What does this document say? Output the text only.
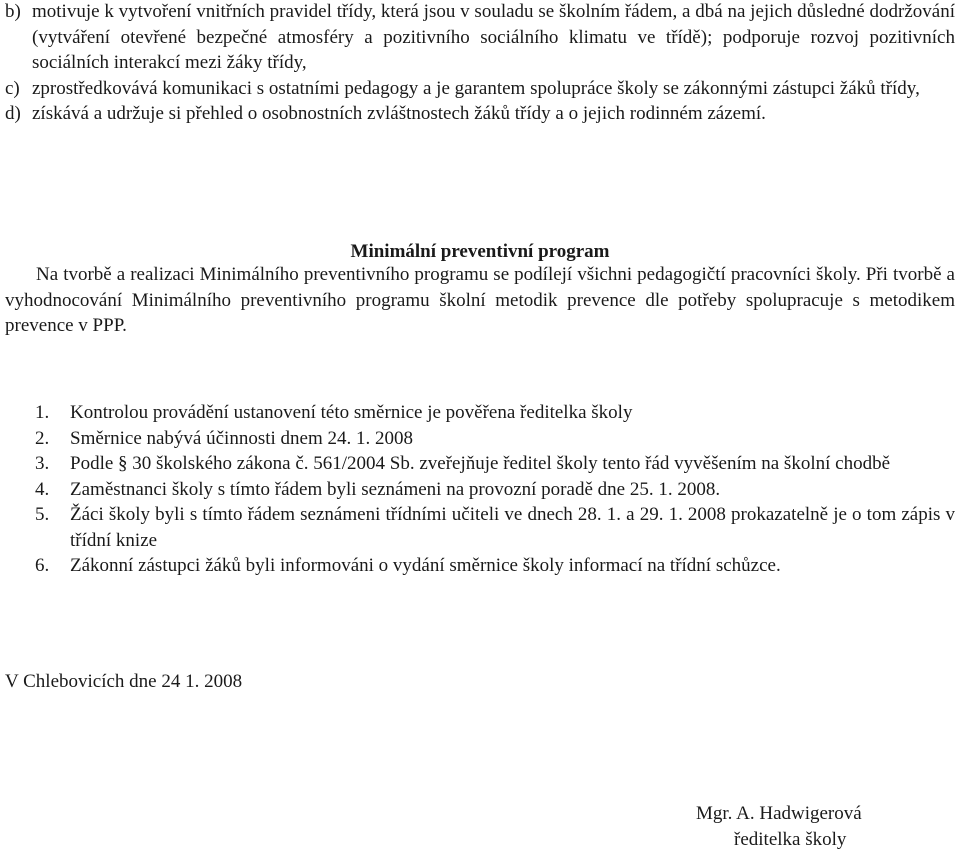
b) motivuje k vytvoření vnitřních pravidel třídy, která jsou v souladu se školním řádem, a dbá na jejich důsledné dodržování (vytváření otevřené bezpečné atmosféry a pozitivního sociálního klimatu ve třídě); podporuje rozvoj pozitivních sociálních interakcí mezi žáky třídy,
c) zprostředkovává komunikaci s ostatními pedagogy a je garantem spolupráce školy se zákonnými zástupci žáků třídy,
d) získává a udržuje si přehled o osobnostních zvláštnostech žáků třídy a o jejich rodinném zázemí.
Minimální preventivní program
Na tvorbě a realizaci Minimálního preventivního programu se podílejí všichni pedagogičtí pracovníci školy. Při tvorbě a vyhodnocování Minimálního preventivního programu školní metodik prevence dle potřeby spolupracuje s metodikem prevence v PPP.
1. Kontrolou provádění ustanovení této směrnice je pověřena ředitelka školy
2. Směrnice nabývá účinnosti dnem 24. 1. 2008
3. Podle § 30 školského zákona č. 561/2004 Sb. zveřejňuje ředitel školy tento řád vyvěšením na školní chodbě
4. Zaměstnanci školy s tímto řádem byli seznámeni na provozní poradě dne 25. 1. 2008.
5. Žáci školy byli s tímto řádem seznámeni třídními učiteli ve dnech 28. 1. a 29. 1. 2008 prokazatelně je o tom zápis v třídní knize
6. Zákonní zástupci žáků byli informováni o vydání směrnice školy informací na třídní schůzce.
V Chlebovicích dne 24 1. 2008
Mgr. A. Hadwigerová
ředitelka školy
